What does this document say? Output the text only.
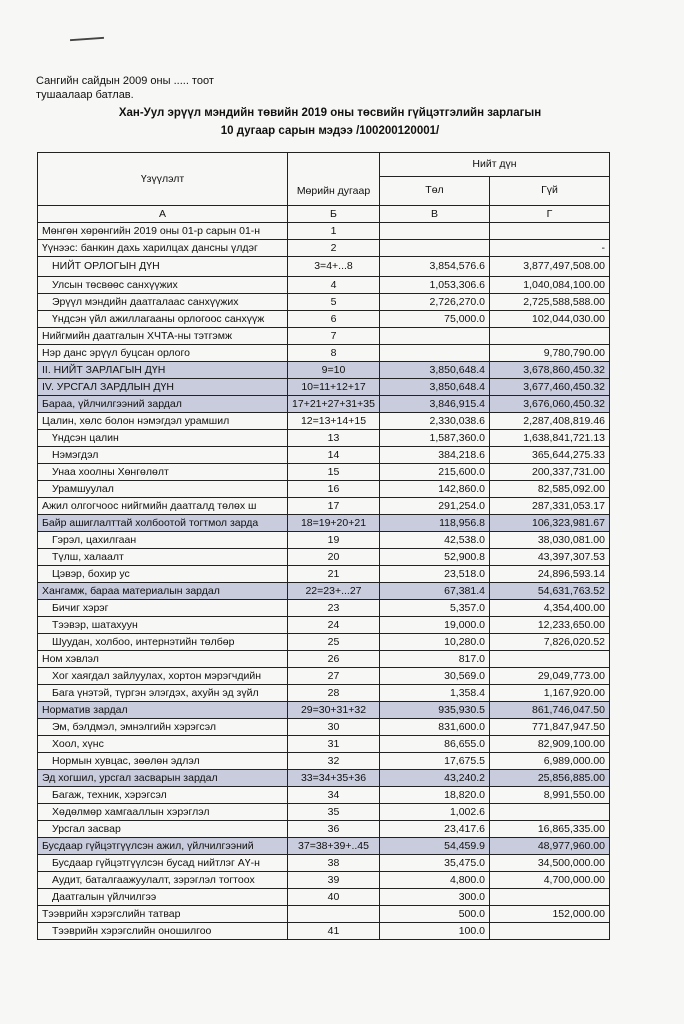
Сангийн сайдын 2009 оны ..... тоот
тушаалаар батлав.
Хан-Уул эрүүл мэндийн төвийн 2019 оны төсвийн гүйцэтгэлийн зарлагын
10 дугаар сарын мэдээ /100200120001/
Үзүүлэлт	Мөрийн дугаар	Нийт дүн	
		Төл	Гүй
А	Б	В	Г
Мөнгөн хөрөнгийн 2019 оны 01-р сарын 01-н	1		
Үүнээс: банкин дахь харилцах дансны үлдэг	2		-
НИЙТ ОРЛОГЫН ДҮН	3=4+...8	3,854,576.6	3,877,497,508.00
Улсын төсвөөс санхүүжих	4	1,053,306.6	1,040,084,100.00
Эрүүл мэндийн даатгалаас санхүүжих	5	2,726,270.0	2,725,588,588.00
Үндсэн үйл ажиллагааны орлогоос санхүүж	6	75,000.0	102,044,030.00
Нийгмийн даатгалын ХЧТА-ны тэтгэмж	7		
Нэр данс эрүүл буцсан орлого	8		9,780,790.00
II. НИЙТ ЗАРЛАГЫН ДҮН	9=10	3,850,648.4	3,678,860,450.32
IV. УРСГАЛ ЗАРДЛЫН ДҮН	10=11+12+17	3,850,648.4	3,677,460,450.32
Бараа, үйлчилгээний зардал	17+21+27+31+35	3,846,915.4	3,676,060,450.32
Цалин, хөлс болон нэмэгдэл урамшил	12=13+14+15	2,330,038.6	2,287,408,819.46
Үндсэн цалин	13	1,587,360.0	1,638,841,721.13
Нэмэгдэл	14	384,218.6	365,644,275.33
Унаа хоолны Хөнгөлөлт	15	215,600.0	200,337,731.00
Урамшуулал	16	142,860.0	82,585,092.00
Ажил олгогчоос нийгмийн даатгалд төлөх ш	17	291,254.0	287,331,053.17
Байр ашиглалттай холбоотой тогтмол зарда	18=19+20+21	118,956.8	106,323,981.67
Гэрэл, цахилгаан	19	42,538.0	38,030,081.00
Түлш, халаалт	20	52,900.8	43,397,307.53
Цэвэр, бохир ус	21	23,518.0	24,896,593.14
Хангамж, бараа материалын зардал	22=23+...27	67,381.4	54,631,763.52
Бичиг хэрэг	23	5,357.0	4,354,400.00
Тээвэр, шатахуун	24	19,000.0	12,233,650.00
Шуудан, холбоо, интернэтийн төлбөр	25	10,280.0	7,826,020.52
Ном хэвлэл	26	817.0	
Хог хаягдал зайлуулах, хортон мэрэгчдийн	27	30,569.0	29,049,773.00
Бага үнэтэй, түргэн элэгдэх, ахуйн эд зүйл	28	1,358.4	1,167,920.00
Норматив зардал	29=30+31+32	935,930.5	861,746,047.50
Эм, бэлдмэл, эмнэлгийн хэрэгсэл	30	831,600.0	771,847,947.50
Хоол, хүнс	31	86,655.0	82,909,100.00
Нормын хувцас, зөөлөн эдлэл	32	17,675.5	6,989,000.00
Эд хогшил, урсгал засварын зардал	33=34+35+36	43,240.2	25,856,885.00
Багаж, техник, хэрэгсэл	34	18,820.0	8,991,550.00
Хөдөлмөр хамгааллын хэрэглэл	35	1,002.6	
Урсгал засвар	36	23,417.6	16,865,335.00
Бусдаар гүйцэтгүүлсэн ажил, үйлчилгээний	37=38+39+..45	54,459.9	48,977,960.00
Бусдаар гүйцэтгүүлсэн бусад нийтлэг АҮ-н	38	35,475.0	34,500,000.00
Аудит, баталгаажуулалт, зэрэглэл тогтоох	39	4,800.0	4,700,000.00
Даатгалын үйлчилгээ	40	300.0	
Тээврийн хэрэгслийн татвар		500.0	152,000.00
Тээврийн хэрэгслийн оношилгоо	41	100.0	
